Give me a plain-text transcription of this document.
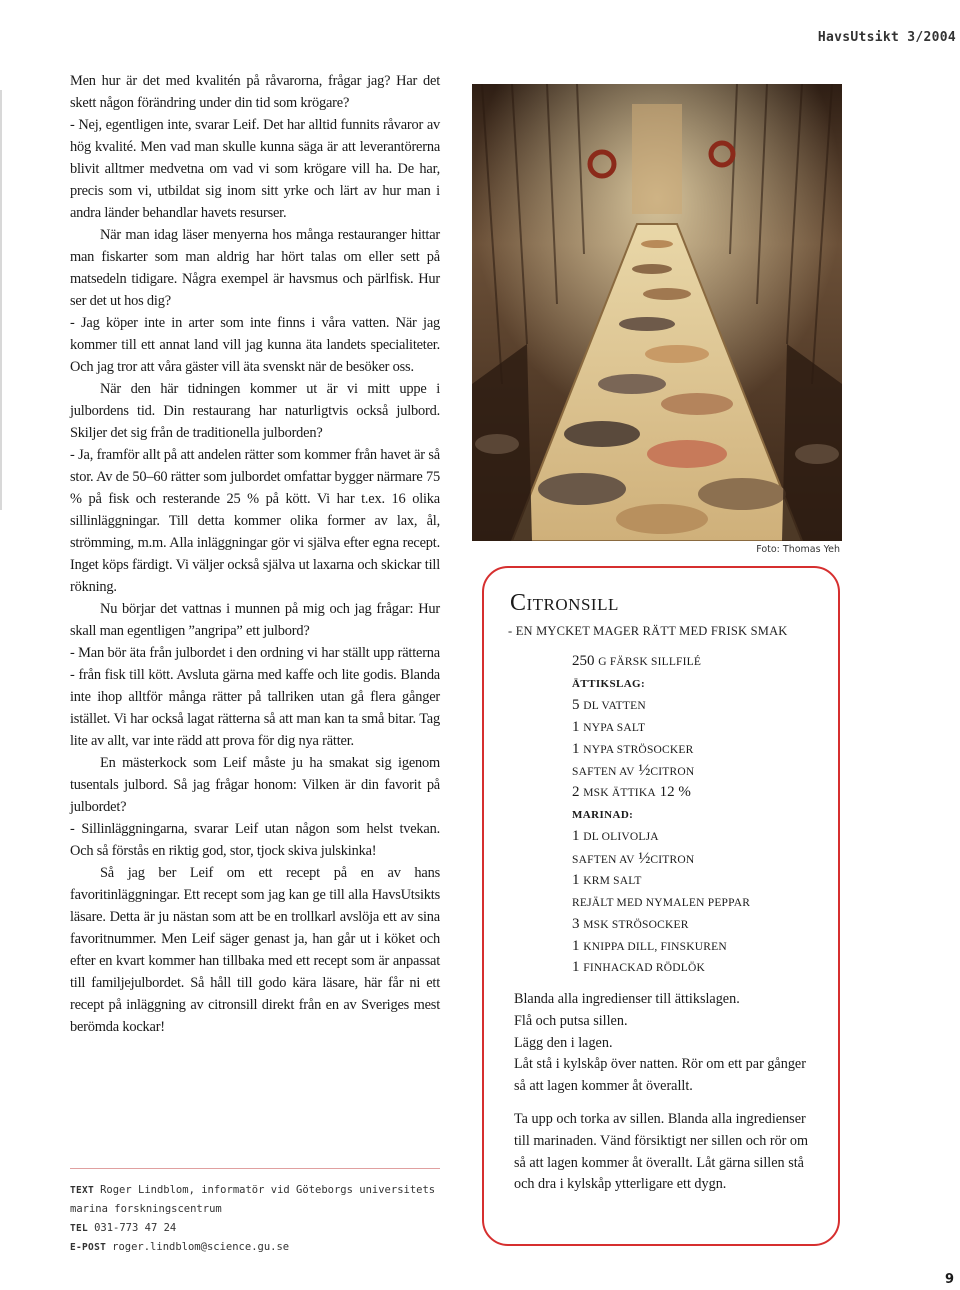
HavsUtsikt 3/2004

Men hur är det med kvalitén på råvarorna, frågar jag? Har det skett någon förändring under din tid som krögare?

- Nej, egentligen inte, svarar Leif. Det har alltid funnits råvaror av hög kvalité. Men vad man skulle kunna säga är att leverantörerna blivit alltmer medvetna om vad vi som krögare vill ha. De har, precis som vi, utbildat sig inom sitt yrke och lärt av hur man i andra länder behandlar havets resurser.

När man idag läser menyerna hos många restauranger hittar man fiskarter som man aldrig har hört talas om eller sett på matsedeln tidigare. Några exempel är havsmus och pärlfisk. Hur ser det ut hos dig?

- Jag köper inte in arter som inte finns i våra vatten. När jag kommer till ett annat land vill jag kunna äta landets specialiteter. Och jag tror att våra gäster vill äta svenskt när de besöker oss.

När den här tidningen kommer ut är vi mitt uppe i julbordens tid. Din restaurang har naturligtvis också julbord. Skiljer det sig från de traditionella julborden?

- Ja, framför allt på att andelen rätter som kommer från havet är så stor. Av de 50–60 rätter som julbordet omfattar bygger närmare 75 % på fisk och resterande 25 % på kött. Vi har t.ex. 16 olika sillinläggningar. Till detta kommer olika former av lax, ål, strömming, m.m. Alla inläggningar gör vi själva efter egna recept. Inget köps färdigt. Vi väljer också själva ut laxarna och skickar till rökning.

Nu börjar det vattnas i munnen på mig och jag frågar: Hur skall man egentligen ”angripa” ett julbord?

- Man bör äta från julbordet i den ordning vi har ställt upp rätterna - från fisk till kött. Avsluta gärna med kaffe och lite godis. Blanda inte ihop alltför många rätter på tallriken utan gå flera gånger istället. Vi har också lagat rätterna så att man kan ta små bitar. Tag lite av allt, var inte rädd att prova för dig nya rätter.

En mästerkock som Leif måste ju ha smakat sig igenom tusentals julbord. Så jag frågar honom: Vilken är din favorit på julbordet?

- Sillinläggningarna, svarar Leif utan någon som helst tvekan. Och så förstås en riktig god, stor, tjock skiva julskinka!

Så jag ber Leif om ett recept på en av hans favoritinläggningar. Ett recept som jag kan ge till alla HavsUtsikts läsare. Detta är ju nästan som att be en trollkarl avslöja ett av sina favoritnummer. Men Leif säger genast ja, han går ut i köket och efter en kvart kommer han tillbaka med ett recept som är anpassat till familjejulbordet. Så håll till godo kära läsare, här får ni ett recept på inläggning av citronsill direkt från en av Sveriges mest berömda kockar!

TEXT Roger Lindblom, informatör vid Göteborgs universitets
marina forskningscentrum
TEL 031-773 47 24
E-POST roger.lindblom@science.gu.se
Foto: Thomas Yeh
CITRONSILL
- EN MYCKET MAGER RÄTT MED FRISK SMAK
250 G FÄRSK SILLFILÉ
ÄTTIKSLAG:
5 DL VATTEN
1 NYPA SALT
1 NYPA STRÖSOCKER
SAFTEN AV ½CITRON
2 MSK ÄTTIKA 12 %
MARINAD:
1 DL OLIVOLJA
SAFTEN AV ½CITRON
1 KRM SALT
REJÄLT MED NYMALEN PEPPAR
3 MSK STRÖSOCKER
1 KNIPPA DILL, FINSKUREN
1 FINHACKAD RÖDLÖK

Blanda alla ingredienser till ättikslagen.

Flå och putsa sillen.

Lägg den i lagen.

Låt stå i kylskåp över natten. Rör om ett par gånger så att lagen kommer åt överallt.

Ta upp och torka av sillen. Blanda alla ingredienser till marinaden. Vänd försiktigt ner sillen och rör om så att lagen kommer åt överallt. Låt gärna sillen stå och dra i kylskåp ytterligare ett dygn.

9
